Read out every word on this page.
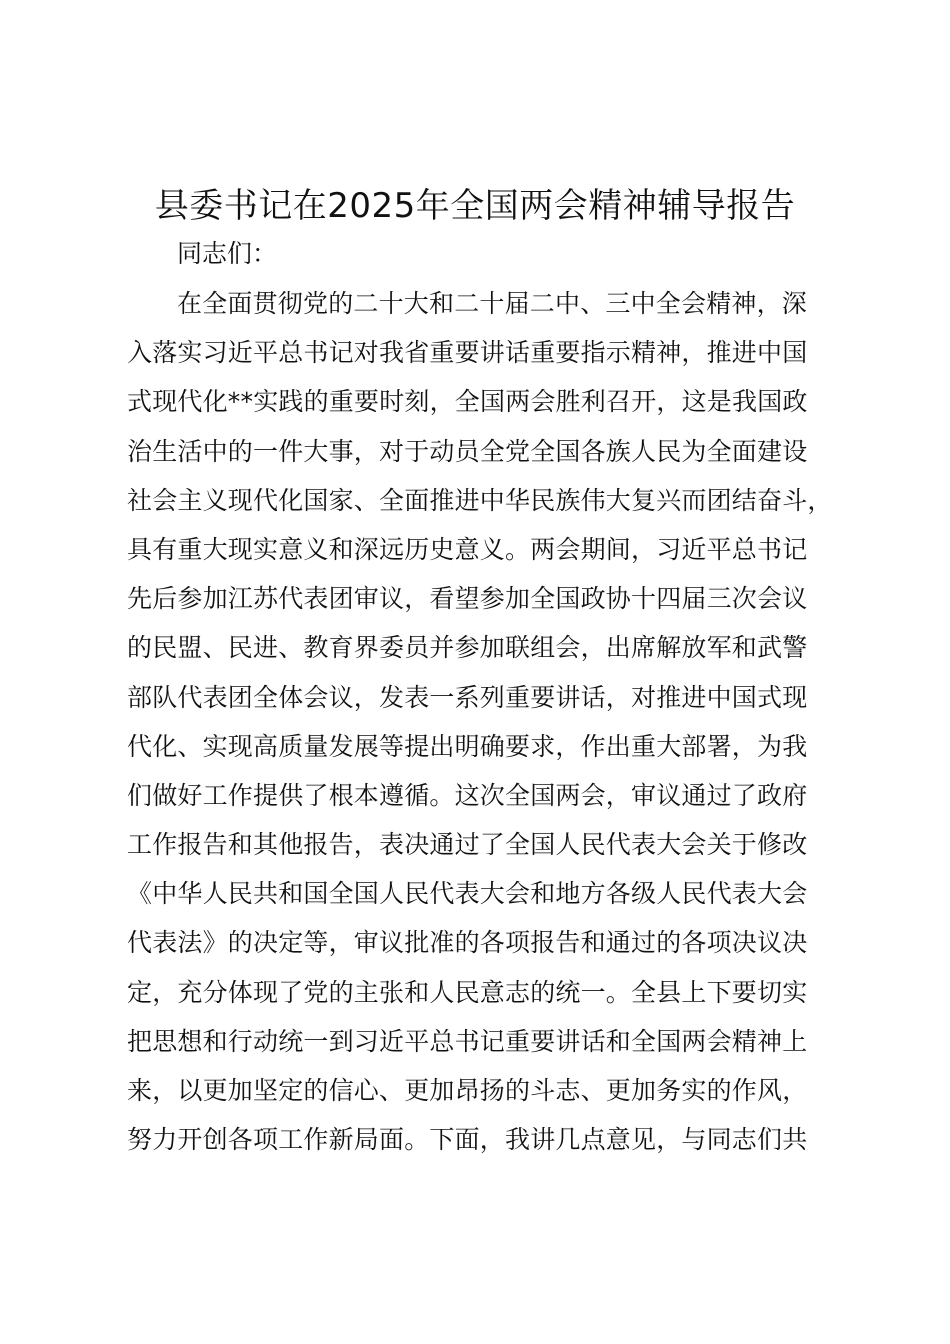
县委书记在2025年全国两会精神辅导报告
同志们：
在全面贯彻党的二十大和二十届二中、三中全会精神，深
入落实习近平总书记对我省重要讲话重要指示精神，推进中国
式现代化**实践的重要时刻，全国两会胜利召开，这是我国政
治生活中的一件大事，对于动员全党全国各族人民为全面建设
社会主义现代化国家、全面推进中华民族伟大复兴而团结奋斗，
具有重大现实意义和深远历史意义。两会期间，习近平总书记
先后参加江苏代表团审议，看望参加全国政协十四届三次会议
的民盟、民进、教育界委员并参加联组会，出席解放军和武警
部队代表团全体会议，发表一系列重要讲话，对推进中国式现
代化、实现高质量发展等提出明确要求，作出重大部署，为我
们做好工作提供了根本遵循。这次全国两会，审议通过了政府
工作报告和其他报告，表决通过了全国人民代表大会关于修改
《中华人民共和国全国人民代表大会和地方各级人民代表大会
代表法》的决定等，审议批准的各项报告和通过的各项决议决
定，充分体现了党的主张和人民意志的统一。全县上下要切实
把思想和行动统一到习近平总书记重要讲话和全国两会精神上
来，以更加坚定的信心、更加昂扬的斗志、更加务实的作风，
努力开创各项工作新局面。下面，我讲几点意见，与同志们共
